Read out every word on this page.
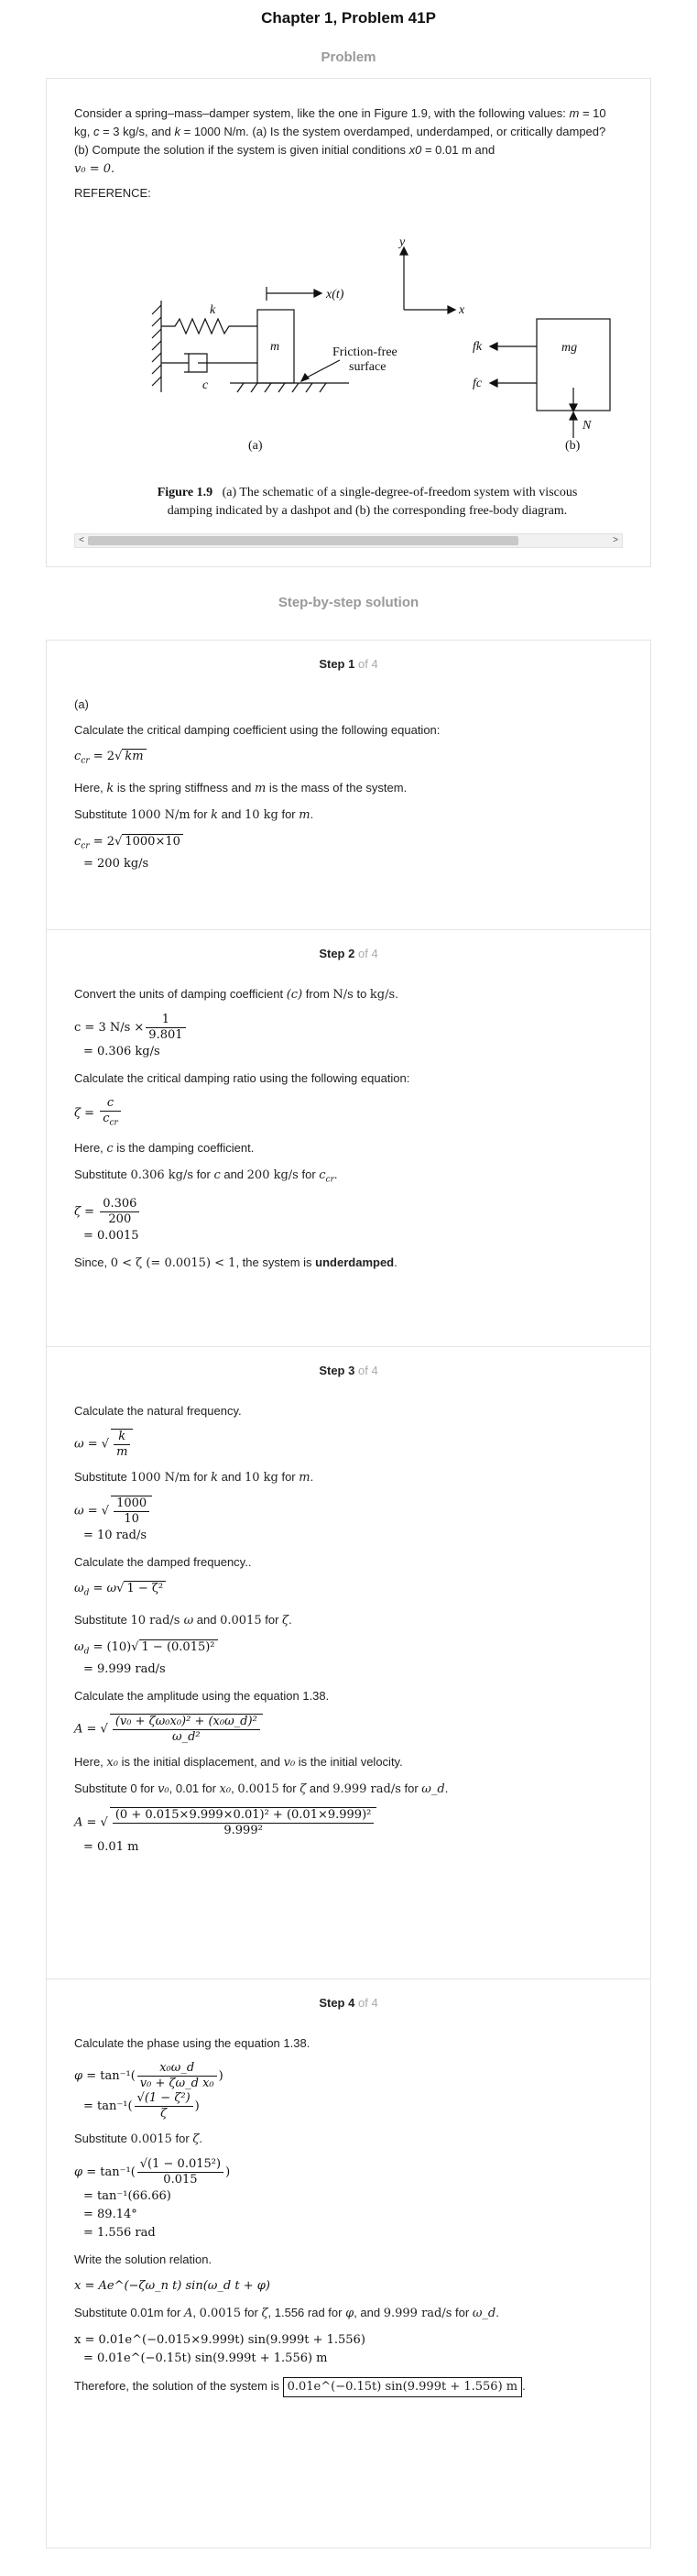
Chapter 1, Problem 41P
Problem
Consider a spring–mass–damper system, like the one in Figure 1.9, with the following values: m = 10 kg, c = 3 kg/s, and k = 1000 N/m. (a) Is the system overdamped, underdamped, or critically damped? (b) Compute the solution if the system is given initial conditions x0 = 0.01 m and
v₀ = 0.
REFERENCE:
k
c
m
x(t)
Friction-free
surface
(a)
y
x
fk
fc
mg
N
(b)
Figure 1.9 (a) The schematic of a single-degree-of-freedom system with viscous
damping indicated by a dashpot and (b) the corresponding free-body diagram.
<	>
Step-by-step solution
Step 1 of 4
(a)
Calculate the critical damping coefficient using the following equation:
$c_{cr} = 2√$ km
Here, k is the spring stiffness and m is the mass of the system.
Substitute 1000 N/m for k and 10 kg for m.
$c_{cr} = 2√$ 1000×10
= 200 kg/s
Step 2 of 4
Convert the units of damping coefficient (c) from N/s to kg/s.
c = 3 $N/s \times \frac{1}{9.801}$

= 0.306 kg/s
Calculate the critical damping ratio using the following equation:
$\zeta = \frac{c}{c_{cr}}$
Here, c is the damping coefficient.
Substitute 0.306 kg/s for c and 200 kg/s for $c_{cr}$.
$\zeta = \frac{0.306}{200}$

= 0.0015
Since, 0 < ζ (= 0.0015) < 1, the system is underdamped.
Step 3 of 4
Calculate the natural frequency.
ω = √ $\frac{k}{m}$
Substitute 1000 N/m for k and 10 kg for m.
ω = √ $\frac{1000}{10}$

= 10 rad/s
Calculate the damped frequency..
$\omega_d = \omega√$ 1 − ζ²
Substitute 10 rad/s ω and 0.0015 for ζ.
$\omega_d = (10)√$ 1 − (0.015)²
= 9.999 rad/s
Calculate the amplitude using the equation 1.38.
A = √ $\frac{\text{(v₀ + ζω₀x₀)² + (x₀ω\_d)²}}{\text{ω\_d²}}$
Here, x₀ is the initial displacement, and v₀ is the initial velocity.
Substitute 0 for v₀, 0.01 for x₀, 0.0015 for ζ and 9.999 rad/s for ω_d.
A = √ $\frac{\text{(0 + 0.015×9.999×0.01)² + (0.01×9.999)²}}{\text{9.999²}}$

= 0.01 m
Step 4 of 4
Calculate the phase using the equation 1.38.
$\varphi = \tan^{-1}( \frac{\text{x₀ω\_d}}{\text{v₀ + ζω\_d x₀}}$ )
= $\tan^{-1}( \frac{\text{√(1 − ζ²)}}{\zeta}$ )
Substitute 0.0015 for ζ.
$\varphi = \tan^{-1}( \frac{\text{√(1 − 0.015²)}}{0.015}$ )
= tan⁻¹(66.66)
= 89.14°
= 1.556 rad
Write the solution relation.
x = Ae^(−ζω_n t) sin(ω_d t + φ)
Substitute 0.01m for A, 0.0015 for ζ, 1.556 rad for φ, and 9.999 rad/s for ω_d.
x = 0.01e^(−0.015×9.999t) sin(9.999t + 1.556)
= 0.01e^(−0.15t) sin(9.999t + 1.556) m
Therefore, the solution of the system is 0.01e^(−0.15t) sin(9.999t + 1.556) m .
